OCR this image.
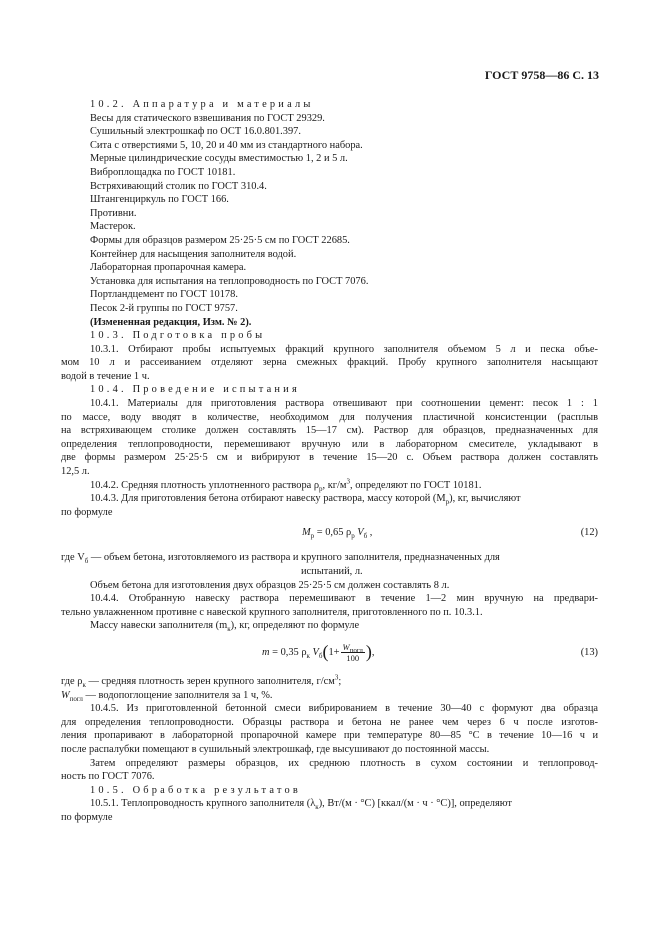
ГОСТ 9758—86 С. 13
10.2. Аппаратура и материалы
Весы для статического взвешивания по ГОСТ 29329.
Сушильный электрошкаф по ОСТ 16.0.801.397.
Сита с отверстиями 5, 10, 20 и 40 мм из стандартного набора.
Мерные цилиндрические сосуды вместимостью 1, 2 и 5 л.
Виброплощадка по ГОСТ 10181.
Встряхивающий столик по ГОСТ 310.4.
Штангенциркуль по ГОСТ 166.
Противни.
Мастерок.
Формы для образцов размером 25·25·5 см по ГОСТ 22685.
Контейнер для насыщения заполнителя водой.
Лабораторная пропарочная камера.
Установка для испытания на теплопроводность по ГОСТ 7076.
Портландцемент по ГОСТ 10178.
Песок 2-й группы по ГОСТ 9757.
(Измененная редакция, Изм. № 2).
10.3. Подготовка пробы
10.3.1. Отбирают пробы испытуемых фракций крупного заполнителя объемом 5 л и песка объе-
мом 10 л и рассеиванием отделяют зерна смежных фракций. Пробу крупного заполнителя насыщают
водой в течение 1 ч.
10.4. Проведение испытания
10.4.1. Материалы для приготовления раствора отвешивают при соотношении цемент: песок 1 : 1
по массе, воду вводят в количестве, необходимом для получения пластичной консистенции (расплыв
на встряхивающем столике должен составлять 15—17 см). Раствор для образцов, предназначенных для
определения теплопроводности, перемешивают вручную или в лабораторном смесителе, укладывают в
две формы размером 25·25·5 см и вибрируют в течение 15—20 с. Объем раствора должен составлять
12,5 л.
10.4.2. Средняя плотность уплотненного раствора $\rho_р$, $кг/м^3$, определяют по ГОСТ 10181.
10.4.3. Для приготовления бетона отбирают навеску раствора, массу которой $(M_р)$, кг, вычисляют
по формуле
$M_р = 0,65$ $\rho_р$ $V_б$ ,	(12)
где $V_б$ — объем бетона, изготовляемого из раствора и крупного заполнителя, предназначенных для
испытаний, л.
Объем бетона для изготовления двух образцов 25·25·5 см должен составлять 8 л.
10.4.4. Отобранную навеску раствора перемешивают в течение 1—2 мин вручную на предвари-
тельно увлажненном противне с навеской крупного заполнителя, приготовленного по п. 10.3.1.
Массу навески заполнителя $(m_к)$, кг, определяют по формуле
m = 0,35 $\rho_к$ $V_б(1+ \frac{W_{погл}}{100}$ ),	(13)
где $\rho_к$ — средняя плотность зерен крупного заполнителя, $г/см^3$;
$W_{погл}$ — водопоглощение заполнителя за 1 ч, %.
10.4.5. Из приготовленной бетонной смеси вибрированием в течение 30—40 с формуют два образца
для определения теплопроводности. Образцы раствора и бетона не ранее чем через 6 ч после изготов-
ления пропаривают в лабораторной пропарочной камере при температуре 80—85 °С в течение 10—16 ч и
после распалубки помещают в сушильный электрошкаф, где высушивают до постоянной массы.
Затем определяют размеры образцов, их среднюю плотность в сухом состоянии и теплопровод-
ность по ГОСТ 7076.
10.5. Обработка результатов
10.5.1. Теплопроводность крупного заполнителя $(\lambda_к)$, Вт/(м · °С) [ккал/(м · ч · °С)], определяют
по формуле
